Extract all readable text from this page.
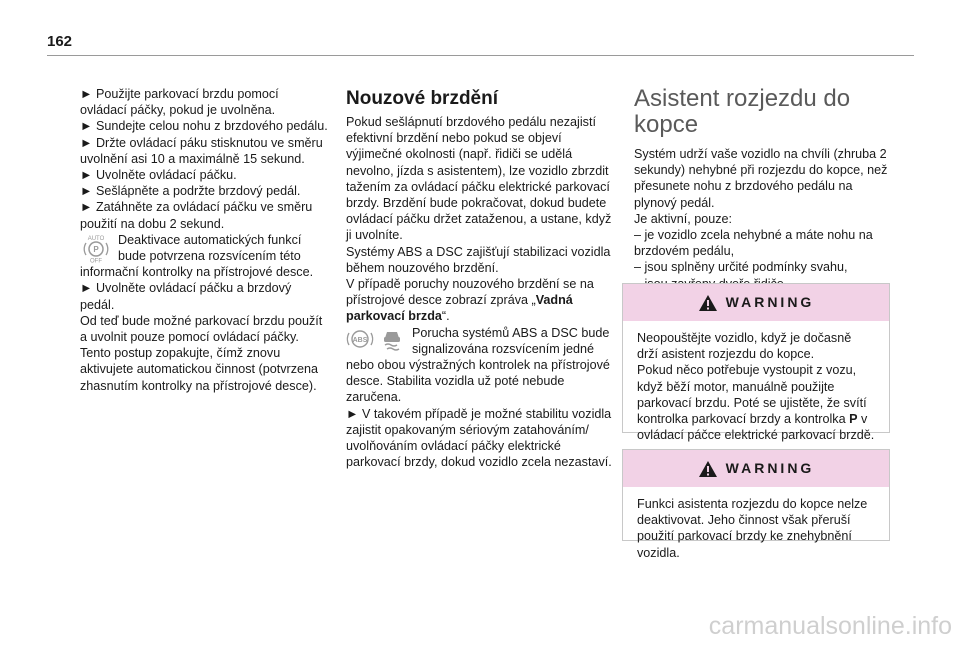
162

► Použijte parkovací brzdu pomocí ovládací páčky, pokud je uvolněna.

► Sundejte celou nohu z brzdového pedálu.

► Držte ovládací páku stisknutou ve směru uvolnění asi 10 a maximálně 15 sekund.

► Uvolněte ovládací páčku.

► Sešlápněte a podržte brzdový pedál.

► Zatáhněte za ovládací páčku ve směru použití na dobu 2 sekund.

AUTO
P
OFF

Deaktivace automatických funkcí bude potvrzena rozsvícením této informační kontrolky na přístrojové desce.

► Uvolněte ovládací páčku a brzdový pedál.

Od teď bude možné parkovací brzdu použít a uvolnit pouze pomocí ovládací páčky.

Tento postup zopakujte, čímž znovu aktivujete automatickou činnost (potvrzena zhasnutím kontrolky na přístrojové desce).

Nouzové brzdění

Pokud sešlápnutí brzdového pedálu nezajistí efektivní brzdění nebo pokud se objeví výjimečné okolnosti (např. řidiči se udělá nevolno, jízda s asistentem), lze vozidlo zbrzdit tažením za ovládací páčku elektrické parkovací brzdy. Brzdění bude pokračovat, dokud budete ovládací páčku držet zataženou, a ustane, když ji uvolníte.

Systémy ABS a DSC zajišťují stabilizaci vozidla během nouzového brzdění.

V případě poruchy nouzového brzdění se na přístrojové desce zobrazí zpráva „Vadná parkovací brzda“.

ABS

Porucha systémů ABS a DSC bude signalizována rozsvícením jedné nebo obou výstražných kontrolek na přístrojové desce. Stabilita vozidla už poté nebude zaručena.

► V takovém případě je možné stabilitu vozidla zajistit opakovaným sériovým zatahováním/ uvolňováním ovládací páčky elektrické parkovací brzdy, dokud vozidlo zcela nezastaví.

Asistent rozjezdu do kopce

Systém udrží vaše vozidlo na chvíli (zhruba 2 sekundy) nehybné při rozjezdu do kopce, než přesunete nohu z brzdového pedálu na plynový pedál.

Je aktivní, pouze:

– je vozidlo zcela nehybné a máte nohu na brzdovém pedálu,

– jsou splněny určité podmínky svahu,

WARNING

Neopouštějte vozidlo, když je dočasně drží asistent rozjezdu do kopce.

Pokud něco potřebuje vystoupit z vozu, když běží motor, manuálně použijte parkovací brzdu. Poté se ujistěte, že svítí kontrolka parkovací brzdy a kontrolka P v ovládací páčce elektrické parkovací brzdě.

WARNING

Funkci asistenta rozjezdu do kopce nelze deaktivovat. Jeho činnost však přeruší použití parkovací brzdy ke znehybnění vozidla.

carmanualsonline.info
